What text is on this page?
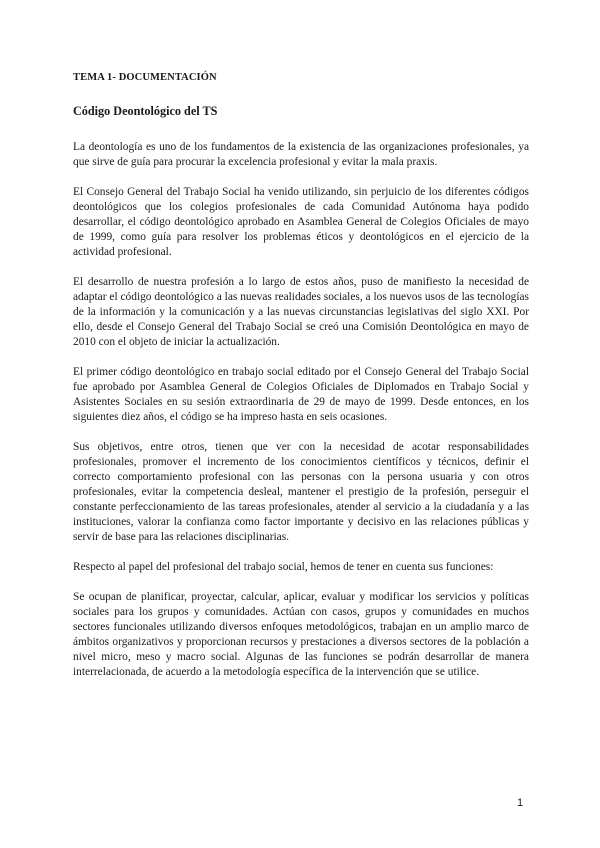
TEMA 1- DOCUMENTACIÓN
Código Deontológico del TS

La deontología es uno de los fundamentos de la existencia de las organizaciones profesionales, ya que sirve de guía para procurar la excelencia profesional y evitar la mala praxis.

El Consejo General del Trabajo Social ha venido utilizando, sin perjuicio de los diferentes códigos deontológicos que los colegios profesionales de cada Comunidad Autónoma haya podido desarrollar, el código deontológico aprobado en Asamblea General de Colegios Oficiales de mayo de 1999, como guía para resolver los problemas éticos y deontológicos en el ejercicio de la actividad profesional.

El desarrollo de nuestra profesión a lo largo de estos años, puso de manifiesto la necesidad de adaptar el código deontológico a las nuevas realidades sociales, a los nuevos usos de las tecnologías de la información y la comunicación y a las nuevas circunstancias legislativas del siglo XXI. Por ello, desde el Consejo General del Trabajo Social se creó una Comisión Deontológica en mayo de 2010 con el objeto de iniciar la actualización.

El primer código deontológico en trabajo social editado por el Consejo General del Trabajo Social fue aprobado por Asamblea General de Colegios Oficiales de Diplomados en Trabajo Social y Asistentes Sociales en su sesión extraordinaria de 29 de mayo de 1999. Desde entonces, en los siguientes diez años, el código se ha impreso hasta en seis ocasiones.

Sus objetivos, entre otros, tienen que ver con la necesidad de acotar responsabilidades profesionales, promover el incremento de los conocimientos científicos y técnicos, definir el correcto comportamiento profesional con las personas con la persona usuaria y con otros profesionales, evitar la competencia desleal, mantener el prestigio de la profesión, perseguir el constante perfeccionamiento de las tareas profesionales, atender al servicio a la ciudadanía y a las instituciones, valorar la confianza como factor importante y decisivo en las relaciones públicas y servir de base para las relaciones disciplinarias.

Respecto al papel del profesional del trabajo social, hemos de tener en cuenta sus funciones:

Se ocupan de planificar, proyectar, calcular, aplicar, evaluar y modificar los servicios y políticas sociales para los grupos y comunidades. Actúan con casos, grupos y comunidades en muchos sectores funcionales utilizando diversos enfoques metodológicos, trabajan en un amplio marco de ámbitos organizativos y proporcionan recursos y prestaciones a diversos sectores de la población a nivel micro, meso y macro social. Algunas de las funciones se podrán desarrollar de manera interrelacionada, de acuerdo a la metodología específica de la intervención que se utilice.

1
